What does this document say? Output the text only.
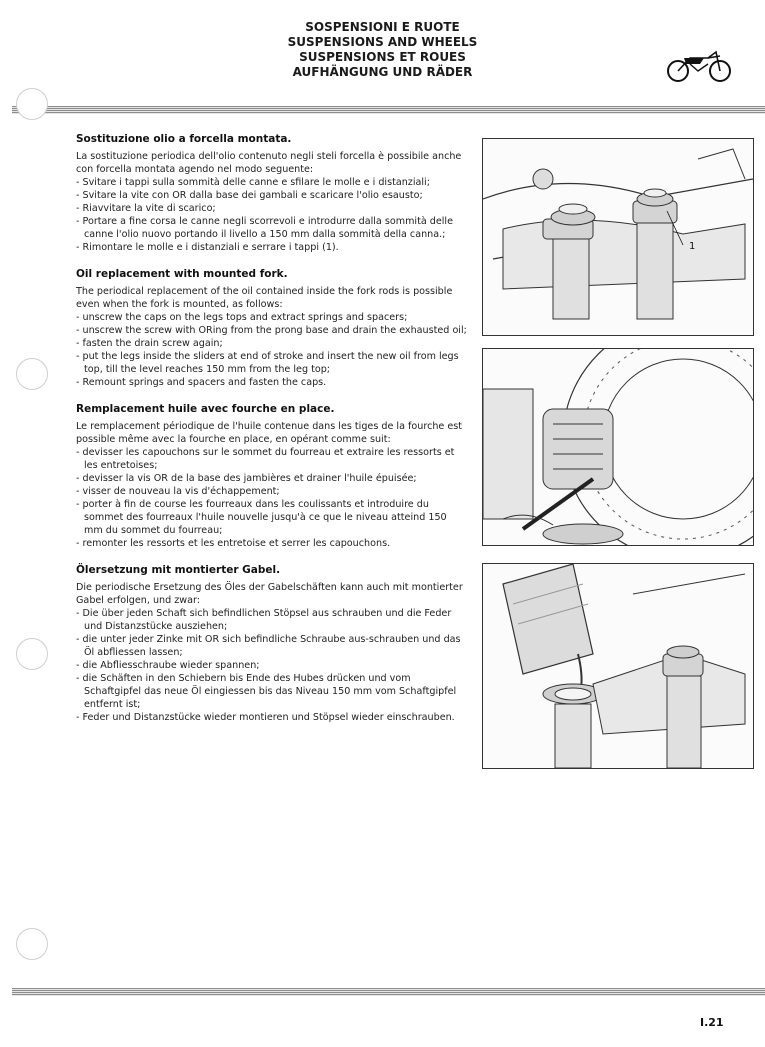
SOSPENSIONI E RUOTE
SUSPENSIONS AND WHEELS
SUSPENSIONS ET ROUES
AUFHÄNGUNG UND RÄDER
Sostituzione olio a forcella montata.

La sostituzione periodica dell'olio contenuto negli steli forcella è possibile anche con forcella montata agendo nel modo seguente:

- Svitare i tappi sulla sommità delle canne e sfilare le molle e i distanziali;
- Svitare la vite con OR dalla base dei gambali e scaricare l'olio esausto;
- Riavvitare la vite di scarico;
- Portare a fine corsa le canne negli scorrevoli e introdurre dalla sommità delle canne l'olio nuovo portando il livello a 150 mm dalla sommità della canna.;
- Rimontare le molle e i distanziali e serrare i tappi (1).
Oil replacement with mounted fork.

The periodical replacement of the oil contained inside the fork rods is possible even when the fork is mounted, as follows:

- unscrew the caps on the legs tops and extract springs and spacers;
- unscrew the screw with ORing from the prong base and drain the exhausted oil;
- fasten the drain screw again;
- put the legs inside the sliders at end of stroke and insert the new oil from legs top, till the level reaches 150 mm from the leg top;
- Remount springs and spacers and fasten the caps.
Remplacement huile avec fourche en place.

Le remplacement périodique de l'huile contenue dans les tiges de la fourche est possible même avec la fourche en place, en opérant comme suit:

- devisser les capouchons sur le sommet du fourreau et extraire les ressorts et les entretoises;
- devisser la vis OR de la base des jambières et drainer l'huile épuisée;
- visser de nouveau la vis d'échappement;
- porter à fin de course les fourreaux dans les coulissants et introduire du sommet des fourreaux l'huile nouvelle jusqu'à ce que le niveau atteind 150 mm du sommet du fourreau;
- remonter les ressorts et les entretoise et serrer les capouchons.
Ölersetzung mit montierter Gabel.

Die periodische Ersetzung des Öles der Gabelschäften kann auch mit montierter Gabel erfolgen, und zwar:

- Die über jeden Schaft sich befindlichen Stöpsel aus schrauben und die Feder und Distanzstücke ausziehen;
- die unter jeder Zinke mit OR sich befindliche Schraube aus-schrauben und das Öl abfliessen lassen;
- die Abfliesschraube wieder spannen;
- die Schäften in den Schiebern bis Ende des Hubes drücken und vom Schaftgipfel das neue Öl eingiessen bis das Niveau 150 mm vom Schaftgipfel entfernt ist;
- Feder und Distanzstücke wieder montieren und Stöpsel wieder einschrauben.
1
I.21
